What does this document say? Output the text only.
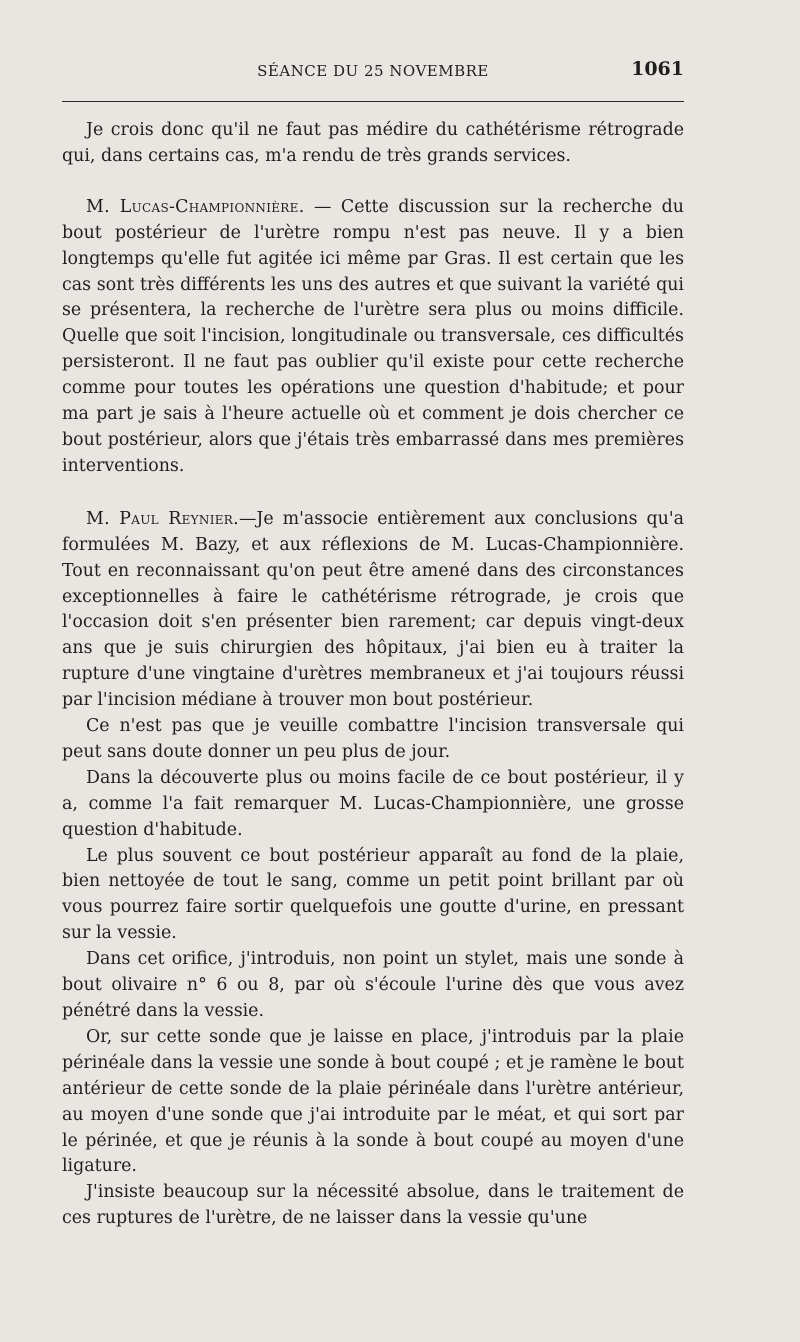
SÉANCE DU 25 NOVEMBRE	1061

Je crois donc qu'il ne faut pas médire du cathétérisme rétrograde qui, dans certains cas, m'a rendu de très grands services.

M. Lucas-Championnière. — Cette discussion sur la recherche du bout postérieur de l'urètre rompu n'est pas neuve. Il y a bien longtemps qu'elle fut agitée ici même par Gras. Il est certain que les cas sont très différents les uns des autres et que suivant la variété qui se présentera, la recherche de l'urètre sera plus ou moins difficile. Quelle que soit l'incision, longitudinale ou transversale, ces difficultés persisteront. Il ne faut pas oublier qu'il existe pour cette recherche comme pour toutes les opérations une question d'habitude; et pour ma part je sais à l'heure actuelle où et comment je dois chercher ce bout postérieur, alors que j'étais très embarrassé dans mes premières interventions.

M. Paul Reynier.—Je m'associe entièrement aux conclusions qu'a formulées M. Bazy, et aux réflexions de M. Lucas-Championnière. Tout en reconnaissant qu'on peut être amené dans des circonstances exceptionnelles à faire le cathétérisme rétrograde, je crois que l'occasion doit s'en présenter bien rarement; car depuis vingt-deux ans que je suis chirurgien des hôpitaux, j'ai bien eu à traiter la rupture d'une vingtaine d'urètres membraneux et j'ai toujours réussi par l'incision médiane à trouver mon bout postérieur.

Ce n'est pas que je veuille combattre l'incision transversale qui peut sans doute donner un peu plus de jour.

Dans la découverte plus ou moins facile de ce bout postérieur, il y a, comme l'a fait remarquer M. Lucas-Championnière, une grosse question d'habitude.

Le plus souvent ce bout postérieur apparaît au fond de la plaie, bien nettoyée de tout le sang, comme un petit point brillant par où vous pourrez faire sortir quelquefois une goutte d'urine, en pressant sur la vessie.

Dans cet orifice, j'introduis, non point un stylet, mais une sonde à bout olivaire n° 6 ou 8, par où s'écoule l'urine dès que vous avez pénétré dans la vessie.

Or, sur cette sonde que je laisse en place, j'introduis par la plaie périnéale dans la vessie une sonde à bout coupé ; et je ramène le bout antérieur de cette sonde de la plaie périnéale dans l'urètre antérieur, au moyen d'une sonde que j'ai introduite par le méat, et qui sort par le périnée, et que je réunis à la sonde à bout coupé au moyen d'une ligature.

J'insiste beaucoup sur la nécessité absolue, dans le traitement de ces ruptures de l'urètre, de ne laisser dans la vessie qu'une
